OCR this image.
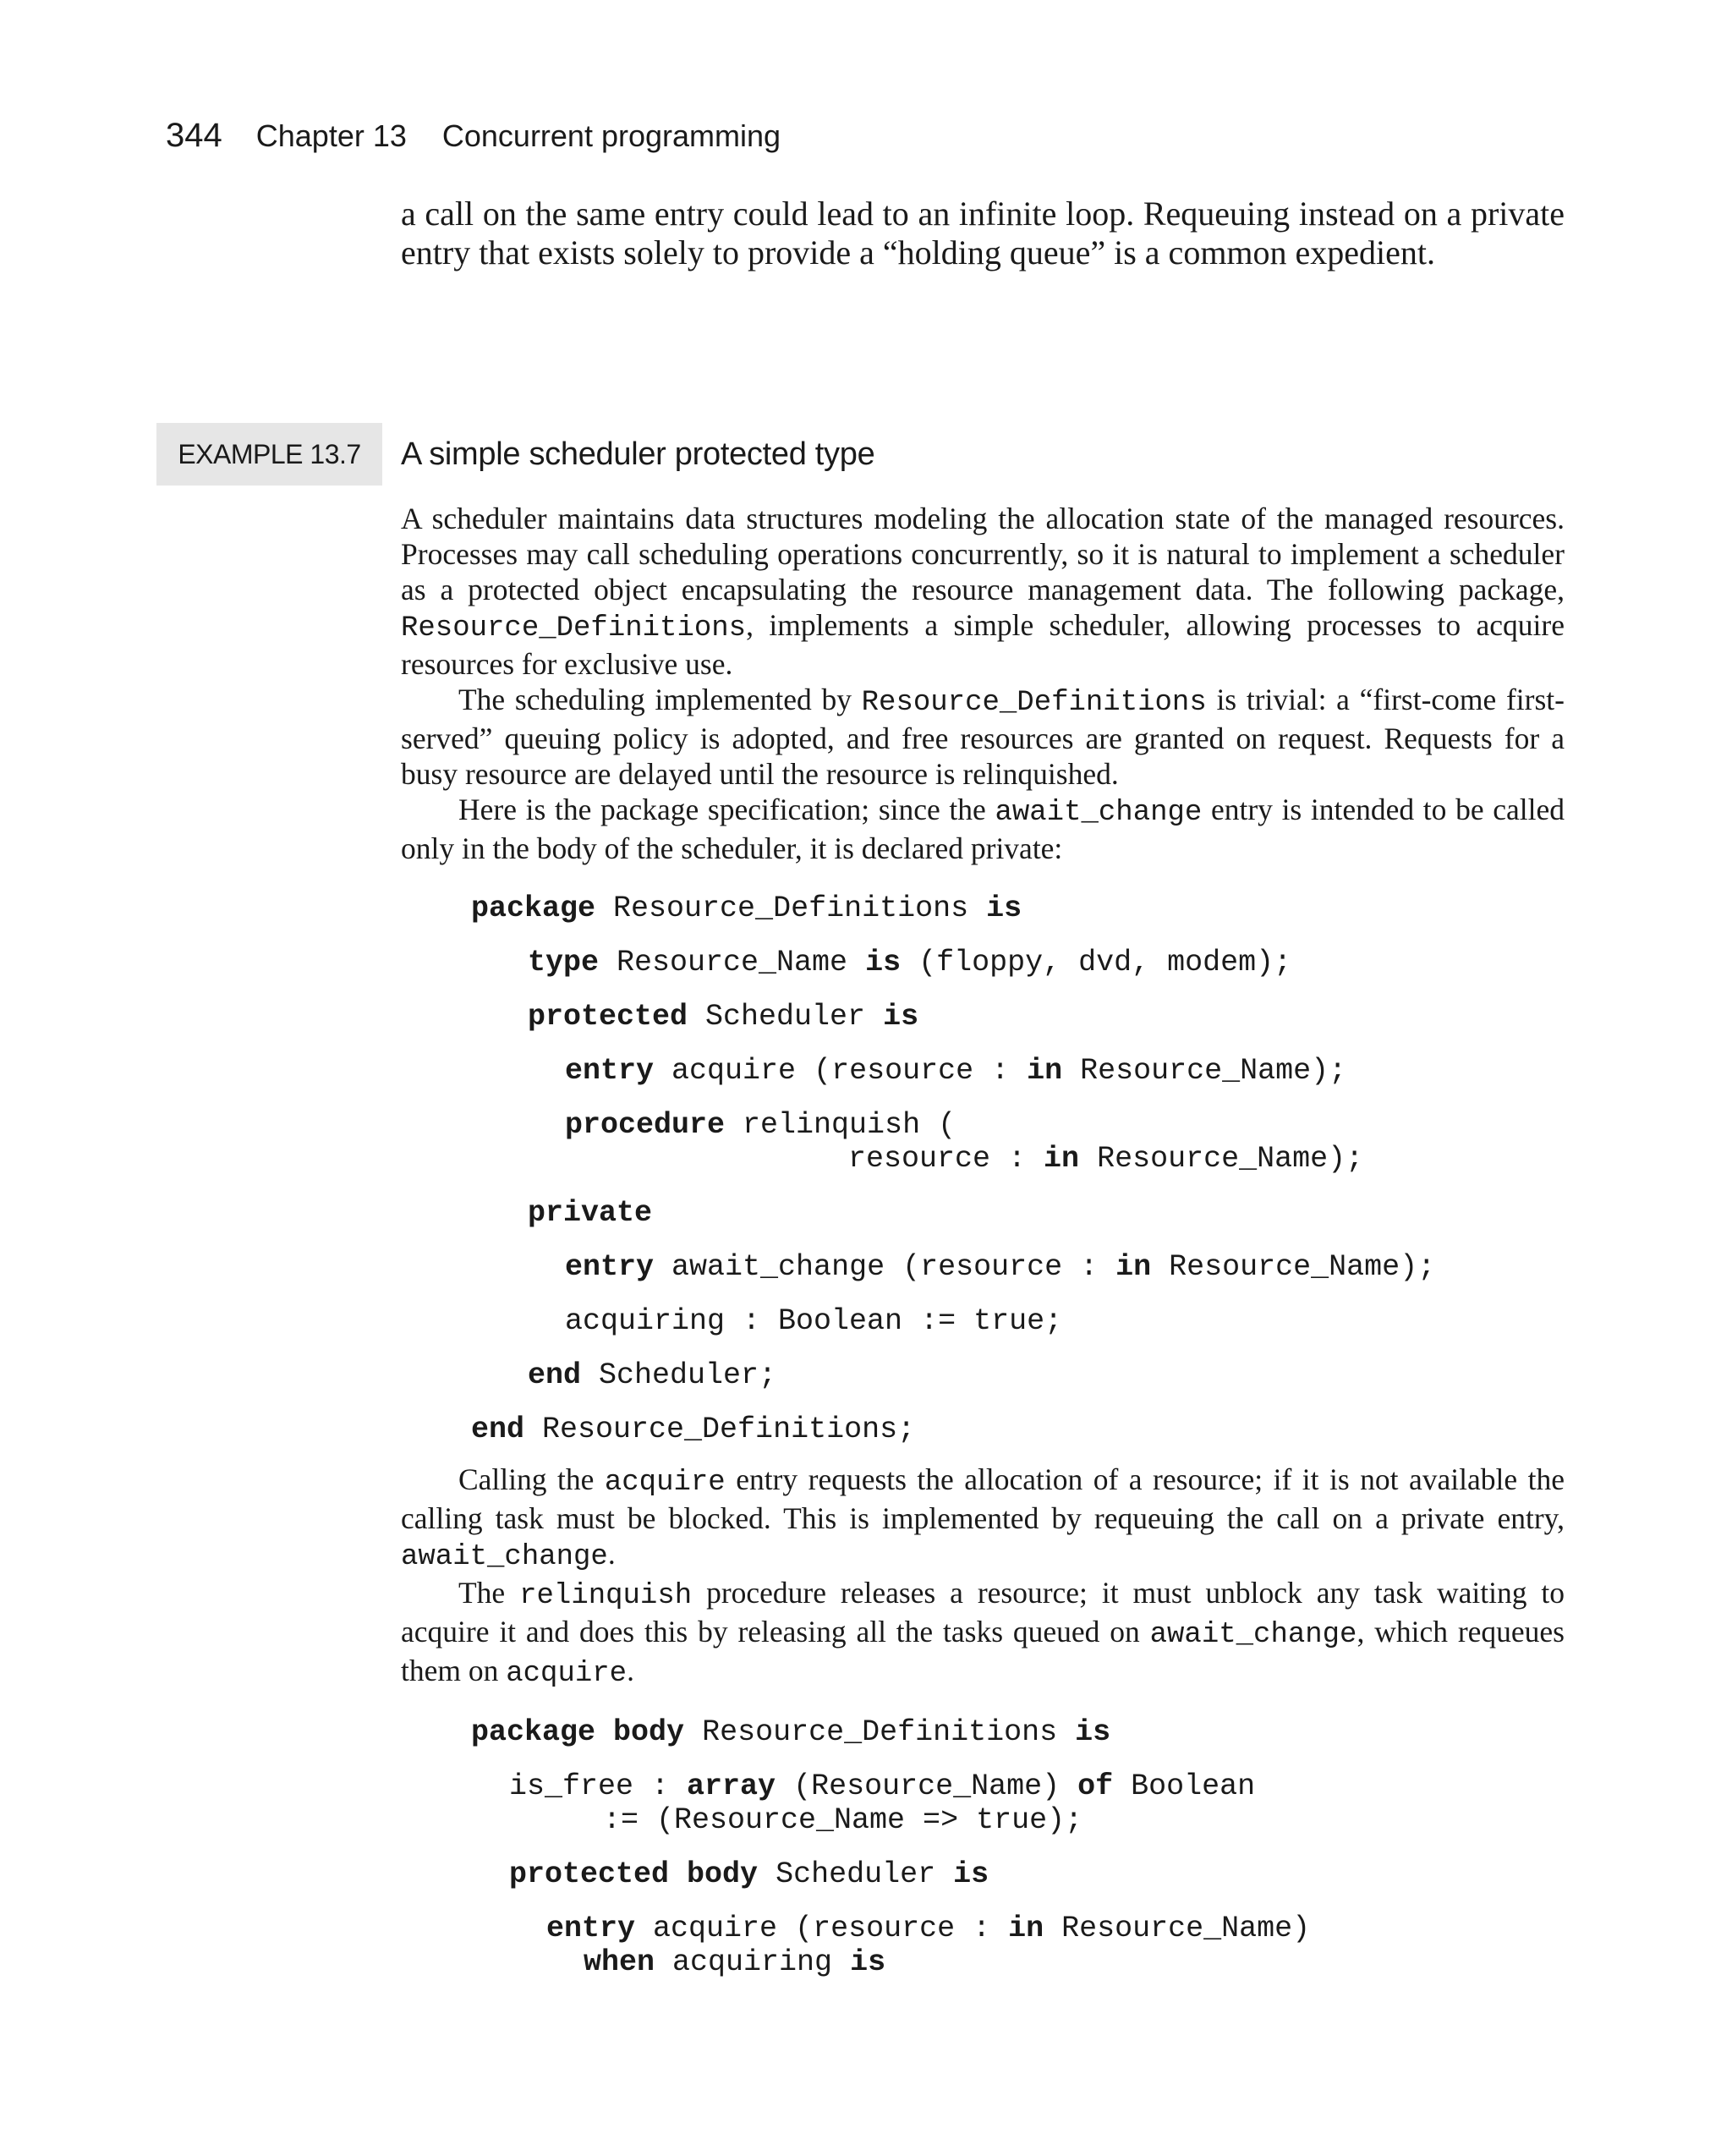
344 Chapter 13 Concurrent programming
a call on the same entry could lead to an infinite loop. Requeuing instead on a private entry that exists solely to provide a “holding queue” is a common expedient.
EXAMPLE 13.7	A simple scheduler protected type

A scheduler maintains data structures modeling the allocation state of the managed resources. Processes may call scheduling operations concurrently, so it is natural to implement a scheduler as a protected object encapsulating the resource management data. The following package, Resource_Definitions, implements a simple scheduler, allowing processes to acquire resources for exclusive use.

The scheduling implemented by Resource_Definitions is trivial: a “first-come first-served” queuing policy is adopted, and free resources are granted on request. Requests for a busy resource are delayed until the resource is relinquished.

Here is the package specification; since the await_change entry is intended to be called only in the body of the scheduler, it is declared private:

package Resource_Definitions is
type Resource_Name is (floppy, dvd, modem);
protected Scheduler is
entry acquire (resource : in Resource_Name);
procedure relinquish (
resource : in Resource_Name);
private
entry await_change (resource : in Resource_Name);
acquiring : Boolean := true;
end Scheduler;
end Resource_Definitions;

Calling the acquire entry requests the allocation of a resource; if it is not available the calling task must be blocked. This is implemented by requeuing the call on a private entry, await_change.

The relinquish procedure releases a resource; it must unblock any task waiting to acquire it and does this by releasing all the tasks queued on await_change, which requeues them on acquire.

package body Resource_Definitions is
is_free : array (Resource_Name) of Boolean
:= (Resource_Name => true);
protected body Scheduler is
entry acquire (resource : in Resource_Name)
when acquiring is
